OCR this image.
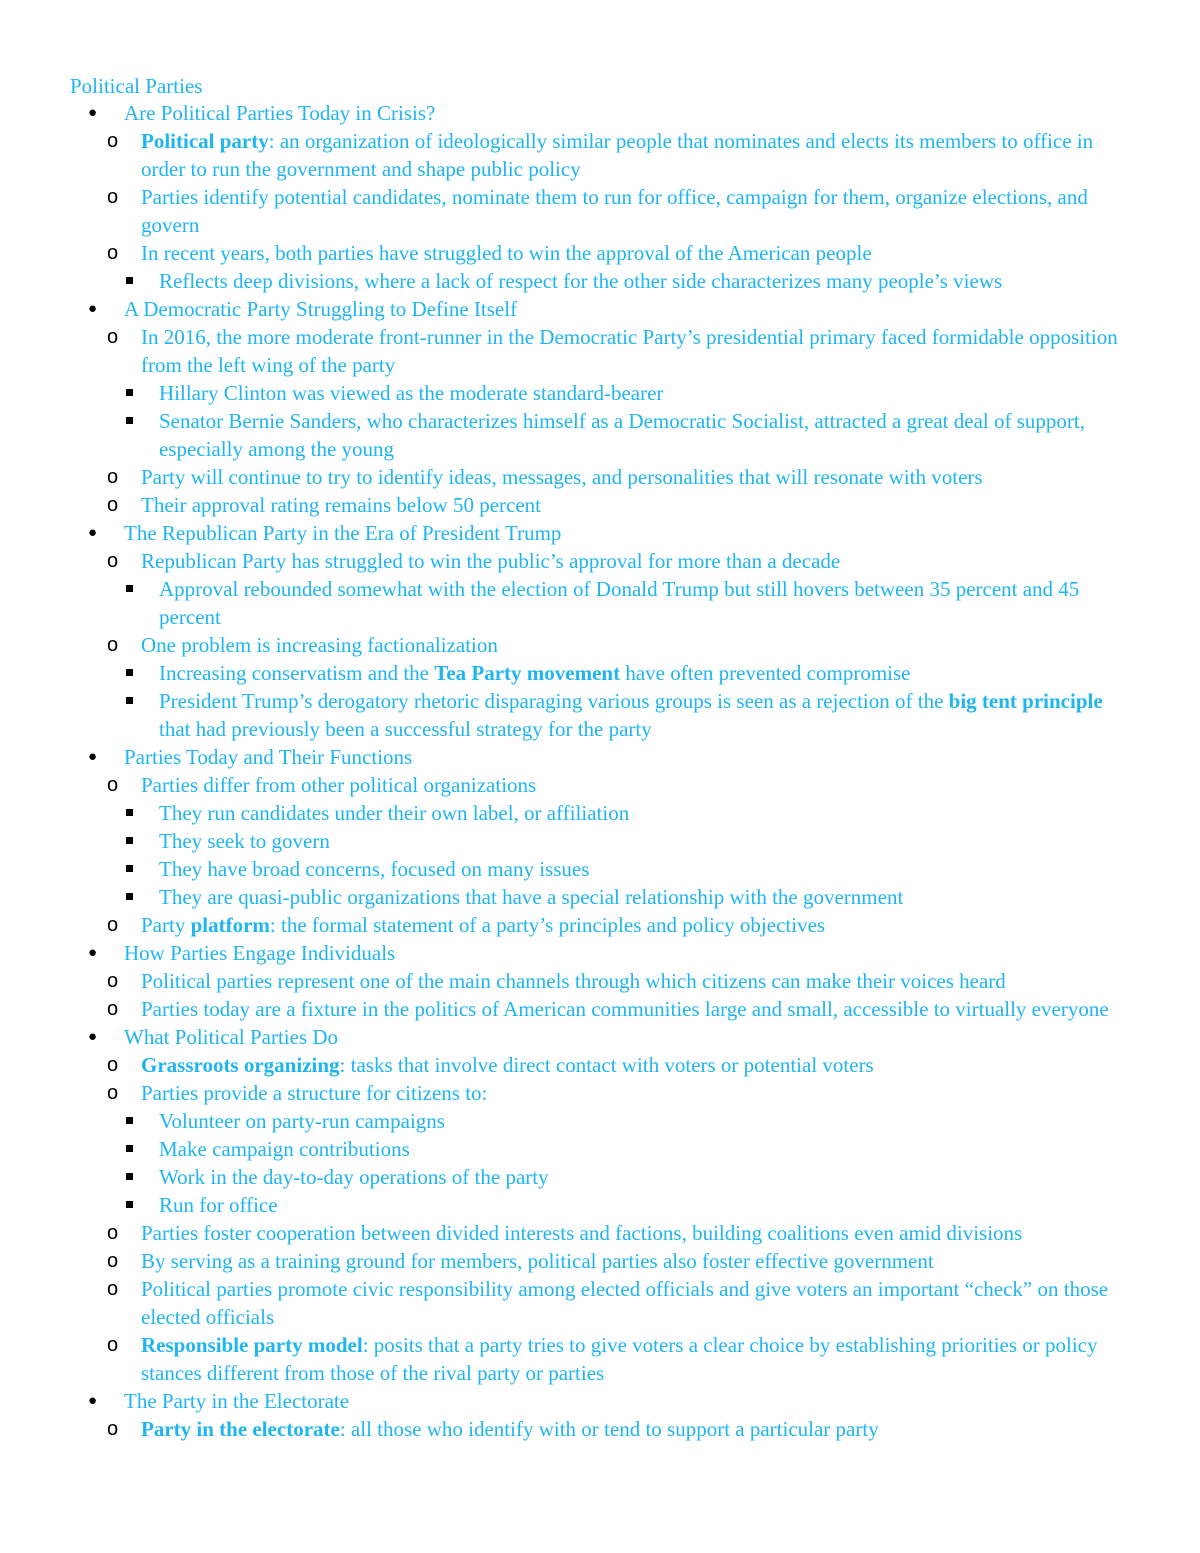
Political Parties
● Are Political Parties Today in Crisis?
o Political party: an organization of ideologically similar people that nominates and elects its members to office in order to run the government and shape public policy
o Parties identify potential candidates, nominate them to run for office, campaign for them, organize elections, and govern
o In recent years, both parties have struggled to win the approval of the American people
Reflects deep divisions, where a lack of respect for the other side characterizes many people’s views
● A Democratic Party Struggling to Define Itself
o In 2016, the more moderate front-runner in the Democratic Party’s presidential primary faced formidable opposition from the left wing of the party
Hillary Clinton was viewed as the moderate standard-bearer
Senator Bernie Sanders, who characterizes himself as a Democratic Socialist, attracted a great deal of support, especially among the young
o Party will continue to try to identify ideas, messages, and personalities that will resonate with voters
o Their approval rating remains below 50 percent
● The Republican Party in the Era of President Trump
o Republican Party has struggled to win the public’s approval for more than a decade
Approval rebounded somewhat with the election of Donald Trump but still hovers between 35 percent and 45 percent
o One problem is increasing factionalization
Increasing conservatism and the Tea Party movement have often prevented compromise
President Trump’s derogatory rhetoric disparaging various groups is seen as a rejection of the big tent principle that had previously been a successful strategy for the party
● Parties Today and Their Functions
o Parties differ from other political organizations
They run candidates under their own label, or affiliation
They seek to govern
They have broad concerns, focused on many issues
They are quasi-public organizations that have a special relationship with the government
o Party platform: the formal statement of a party’s principles and policy objectives
● How Parties Engage Individuals
o Political parties represent one of the main channels through which citizens can make their voices heard
o Parties today are a fixture in the politics of American communities large and small, accessible to virtually everyone
● What Political Parties Do
o Grassroots organizing: tasks that involve direct contact with voters or potential voters
o Parties provide a structure for citizens to:
Volunteer on party-run campaigns
Make campaign contributions
Work in the day-to-day operations of the party
Run for office
o Parties foster cooperation between divided interests and factions, building coalitions even amid divisions
o By serving as a training ground for members, political parties also foster effective government
o Political parties promote civic responsibility among elected officials and give voters an important “check” on those elected officials
o Responsible party model: posits that a party tries to give voters a clear choice by establishing priorities or policy stances different from those of the rival party or parties
● The Party in the Electorate
o Party in the electorate: all those who identify with or tend to support a particular party
